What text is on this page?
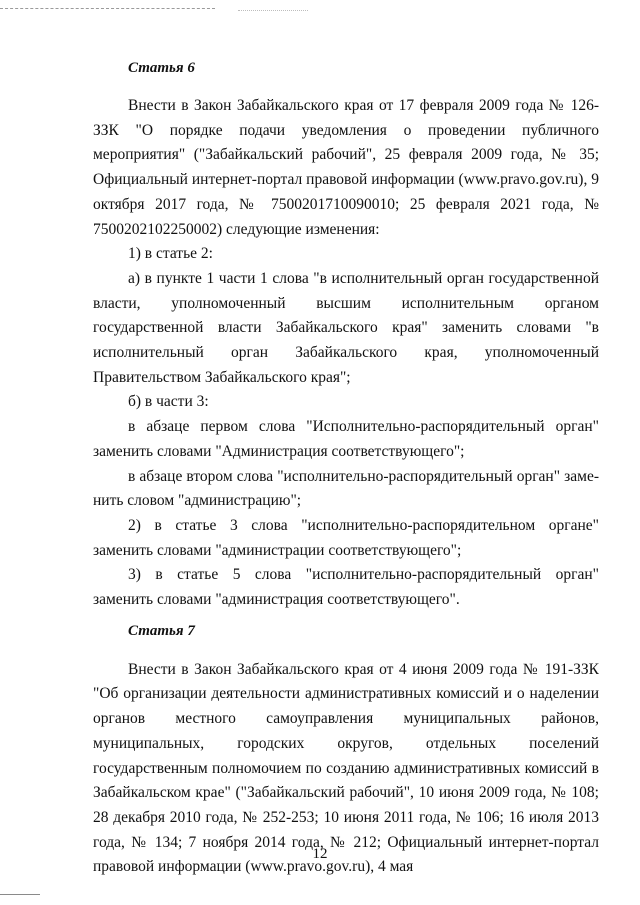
Статья 6

Внести в Закон Забайкальского края от 17 февраля 2009 года № 126-ЗЗК "О порядке подачи уведомления о проведении публичного мероприятия" ("Забайкальский рабочий", 25 февраля 2009 года, № 35; Официальный интернет-портал правовой информации (www.pravo.gov.ru), 9 октября 2017 года, № 7500201710090010; 25 февраля 2021 года, № 7500202102250002) следующие изменения:

1) в статье 2:

а) в пункте 1 части 1 слова "в исполнительный орган государственной власти, уполномоченный высшим исполнительным органом государственной власти Забайкальского края" заменить словами "в исполнительный орган Забайкальского края, уполномоченный Правительством Забайкальского края";

б) в части 3:

в абзаце первом слова "Исполнительно-распорядительный орган" заменить словами "Администрация соответствующего";

в абзаце втором слова "исполнительно-распорядительный орган" заменить словом "администрацию";

2) в статье 3 слова "исполнительно-распорядительном органе" заменить словами "администрации соответствующего";

3) в статье 5 слова "исполнительно-распорядительный орган" заменить словами "администрация соответствующего".

Статья 7

Внести в Закон Забайкальского края от 4 июня 2009 года № 191-ЗЗК "Об организации деятельности административных комиссий и о наделении органов местного самоуправления муниципальных районов, муниципальных, городских округов, отдельных поселений государственным полномочием по созданию административных комиссий в Забайкальском крае" ("Забайкальский рабочий", 10 июня 2009 года, № 108; 28 декабря 2010 года, № 252-253; 10 июня 2011 года, № 106; 16 июля 2013 года, № 134; 7 ноября 2014 года, № 212; Официальный интернет-портал правовой информации (www.pravo.gov.ru), 4 мая

12
